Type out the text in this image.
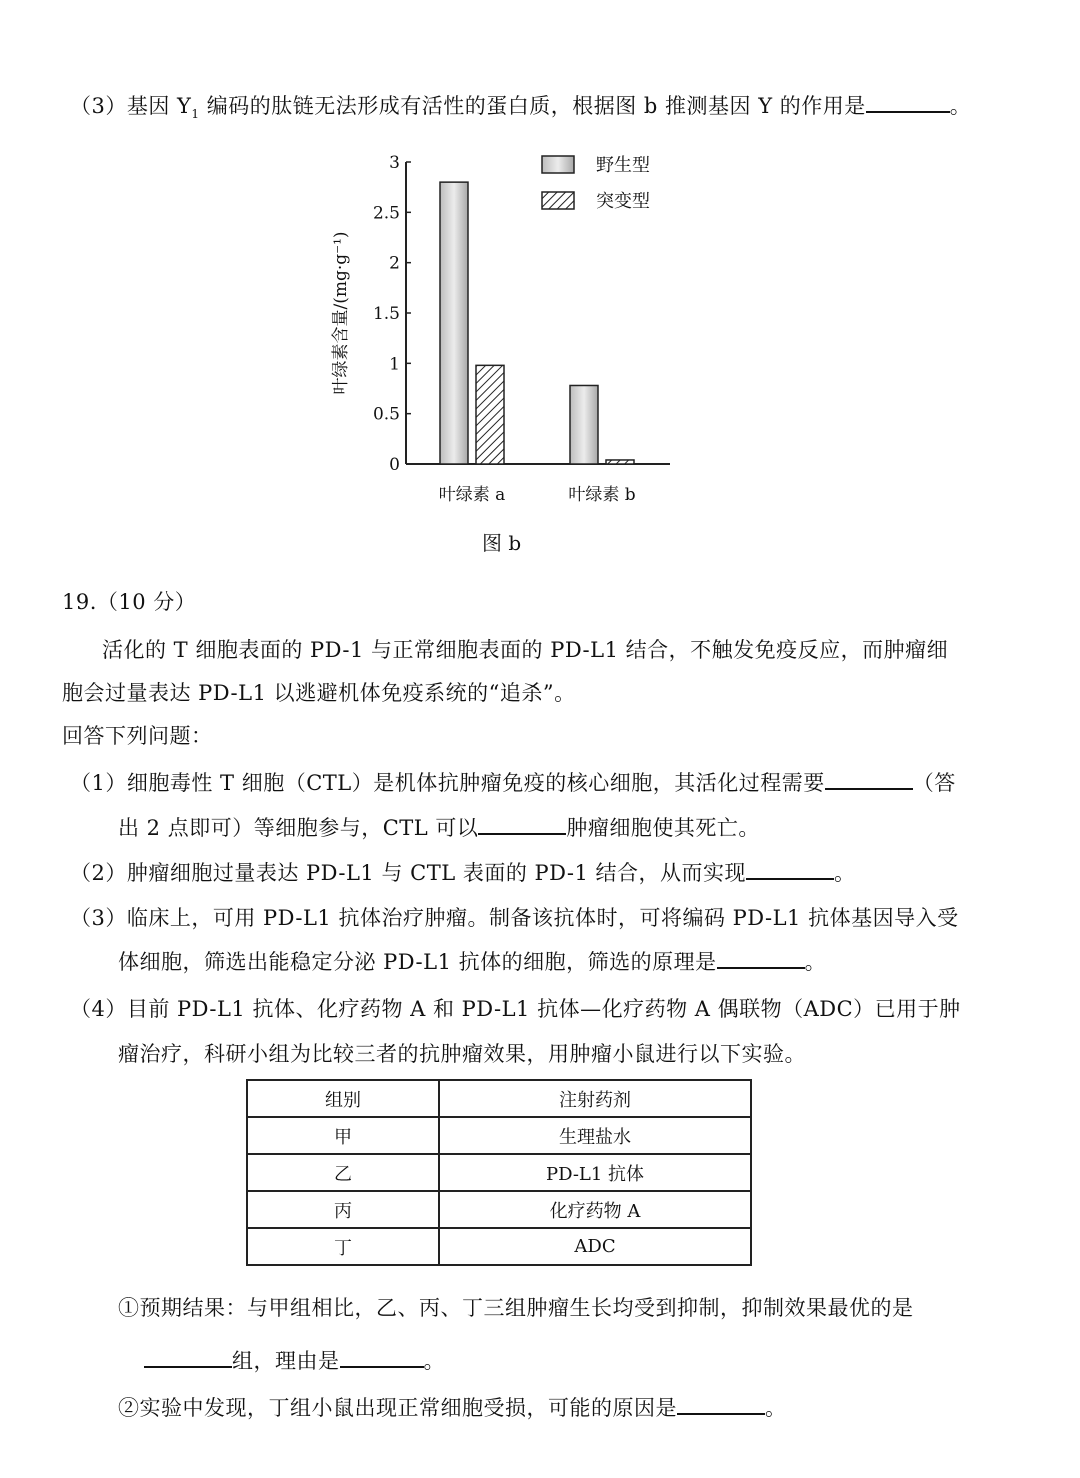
（3）基因 $Y_1$ 编码的肽链无法形成有活性的蛋白质，根据图 b 推测基因 Y 的作用是	。
0
0.5
1
1.5
2
2.5
3
叶绿素含量/(mg·g⁻¹)
叶绿素 a	叶绿素 b
野生型
突变型
图 b
19.（10 分）
活化的 T 细胞表面的 PD-1 与正常细胞表面的 PD-L1 结合，不触发免疫反应，而肿瘤细
胞会过量表达 PD-L1 以逃避机体免疫系统的“追杀”。
回答下列问题：
（1）细胞毒性 T 细胞（CTL）是机体抗肿瘤免疫的核心细胞，其活化过程需要	（答
出 2 点即可）等细胞参与，CTL 可以	肿瘤细胞使其死亡。
（2）肿瘤细胞过量表达 PD-L1 与 CTL 表面的 PD-1 结合，从而实现	。
（3）临床上，可用 PD-L1 抗体治疗肿瘤。制备该抗体时，可将编码 PD-L1 抗体基因导入受
体细胞，筛选出能稳定分泌 PD-L1 抗体的细胞，筛选的原理是	。
（4）目前 PD-L1 抗体、化疗药物 A 和 PD-L1 抗体—化疗药物 A 偶联物（ADC）已用于肿
瘤治疗，科研小组为比较三者的抗肿瘤效果，用肿瘤小鼠进行以下实验。
组别	注射药剂
甲	生理盐水
乙	PD-L1 抗体
丙	化疗药物 A
丁	ADC
①预期结果：与甲组相比，乙、丙、丁三组肿瘤生长均受到抑制，抑制效果最优的是
组，理由是	。
②实验中发现，丁组小鼠出现正常细胞受损，可能的原因是	。
